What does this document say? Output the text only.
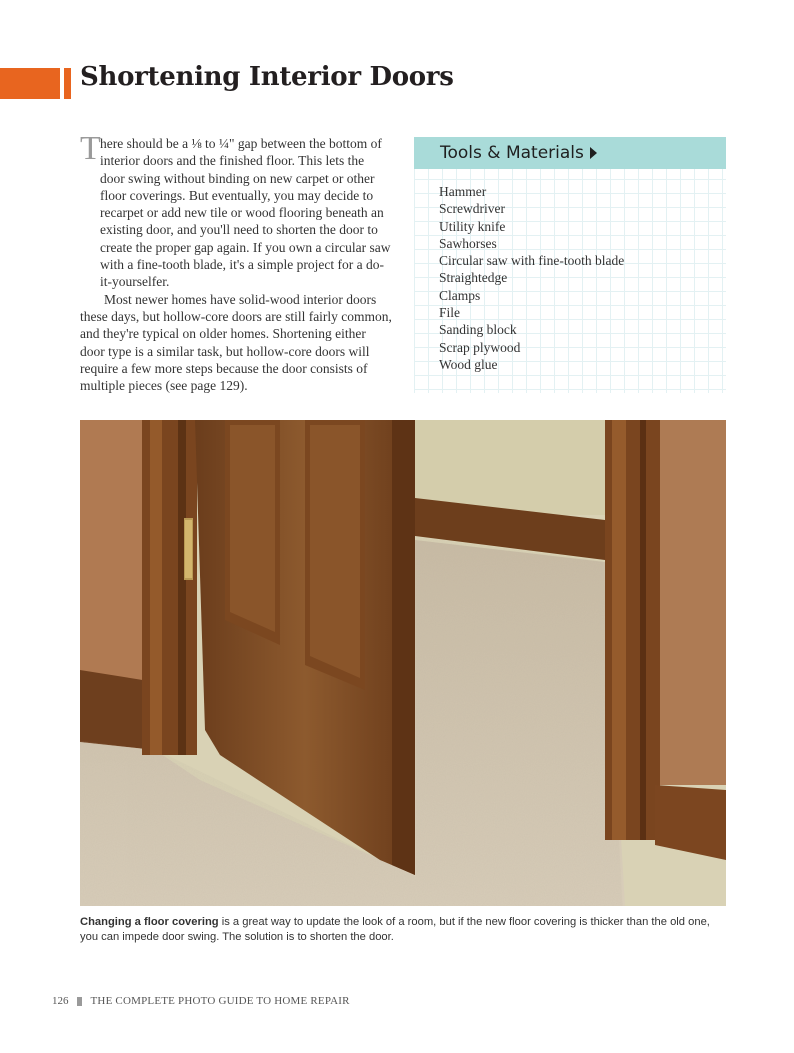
Shortening Interior Doors

T here should be a ⅛ to ¼" gap between the bottom of interior doors and the finished floor. This lets the door swing without binding on new carpet or other floor coverings. But eventually, you may decide to recarpet or add new tile or wood flooring beneath an existing door, and you'll need to shorten the door to create the proper gap again. If you own a circular saw with a fine-tooth blade, it's a simple project for a do-it-yourselfer.

Most newer homes have solid-wood interior doors these days, but hollow-core doors are still fairly common, and they're typical on older homes. Shortening either door type is a similar task, but hollow-core doors will require a few more steps because the door consists of multiple pieces (see page 129).

Tools & Materials
Hammer
Screwdriver
Utility knife
Sawhorses
Circular saw with fine-tooth blade
Straightedge
Clamps
File
Sanding block
Scrap plywood
Wood glue
Changing a floor covering is a great way to update the look of a room, but if the new floor covering is thicker than the old one, you can impede door swing. The solution is to shorten the door.
126 THE COMPLETE PHOTO GUIDE TO HOME REPAIR
